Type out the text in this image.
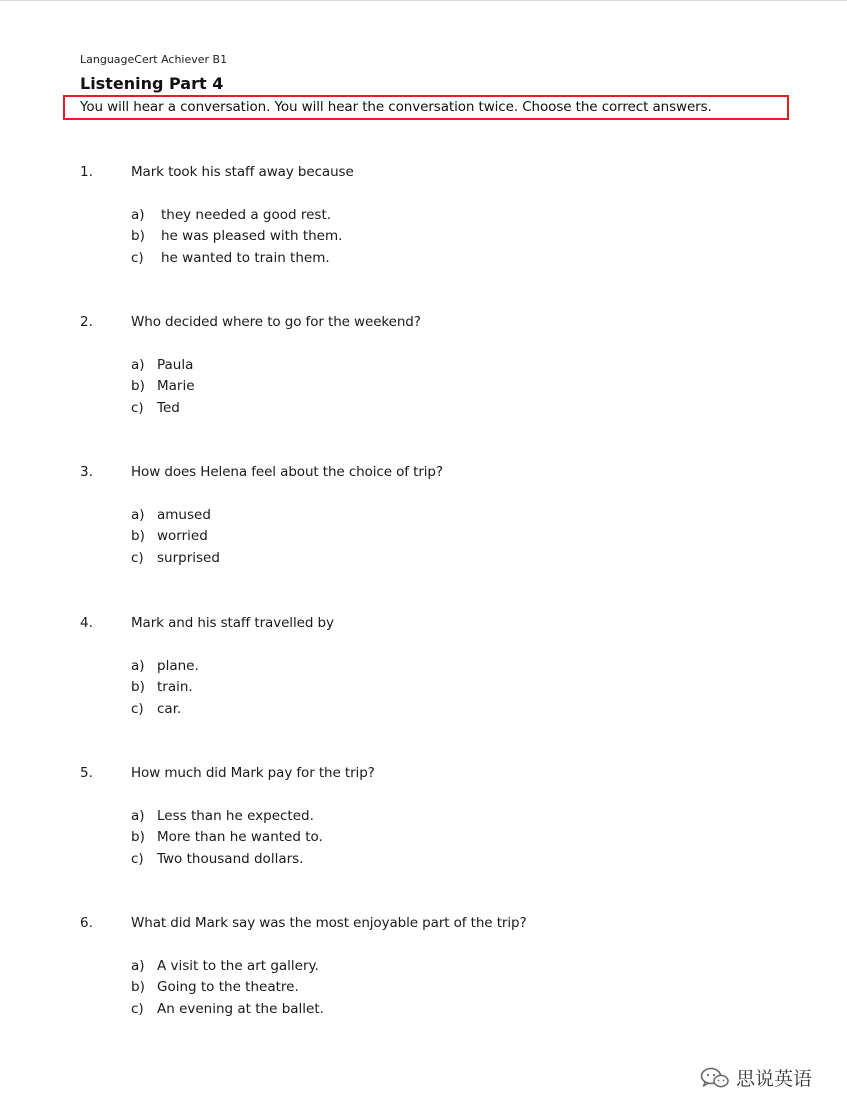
LanguageCert Achiever B1
Listening Part 4
You will hear a conversation. You will hear the conversation twice. Choose the correct answers.
1.	Mark took his staff away because
a) they needed a good rest.
b) he was pleased with them.
c) he wanted to train them.
2.	Who decided where to go for the weekend?
a) Paula
b) Marie
c) Ted
3.	How does Helena feel about the choice of trip?
a) amused
b) worried
c) surprised
4.	Mark and his staff travelled by
a) plane.
b) train.
c) car.
5.	How much did Mark pay for the trip?
a) Less than he expected.
b) More than he wanted to.
c) Two thousand dollars.
6.	What did Mark say was the most enjoyable part of the trip?
a) A visit to the art gallery.
b) Going to the theatre.
c) An evening at the ballet.
思说英语
